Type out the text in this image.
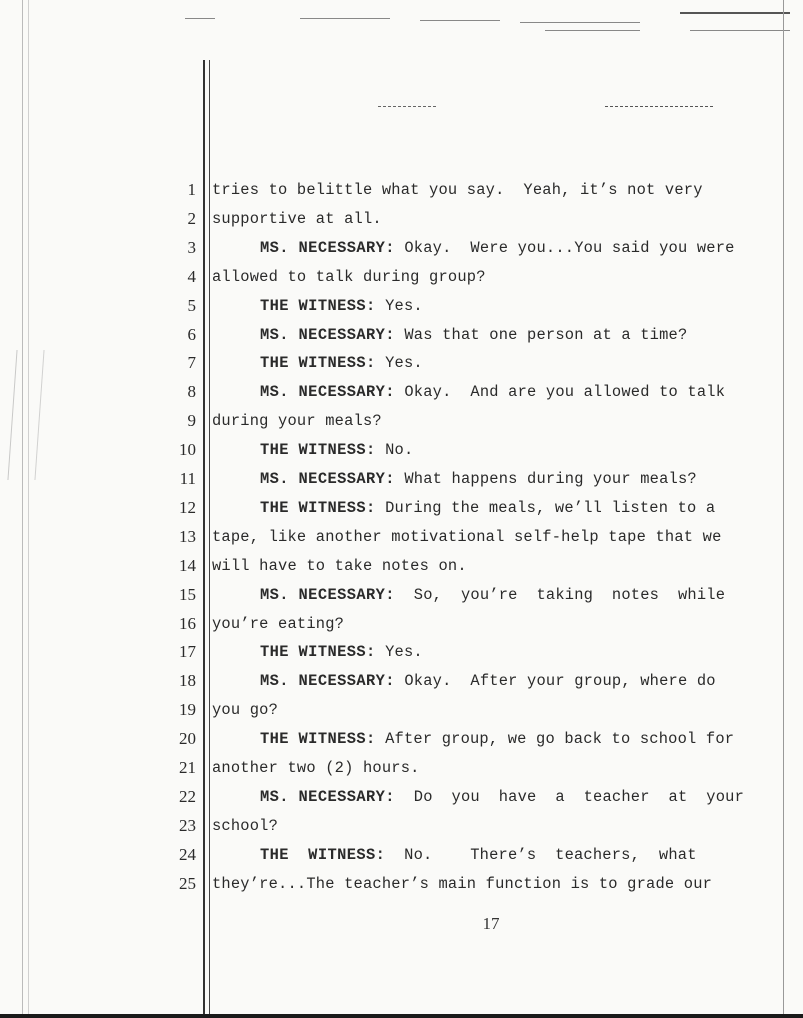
1 tries to belittle what you say.  Yeah, it’s not very
2 supportive at all.
3	MS. NECESSARY: Okay.  Were you...You said you were
4 allowed to talk during group?
5	THE WITNESS: Yes.
6	MS. NECESSARY: Was that one person at a time?
7	THE WITNESS: Yes.
8	MS. NECESSARY: Okay.  And are you allowed to talk
9 during your meals?
10	THE WITNESS: No.
11	MS. NECESSARY: What happens during your meals?
12	THE WITNESS: During the meals, we’ll listen to a
13 tape, like another motivational self-help tape that we
14 will have to take notes on.
15	MS. NECESSARY:  So,  you’re  taking  notes  while
16 you’re eating?
17	THE WITNESS: Yes.
18	MS. NECESSARY: Okay.  After your group, where do
19 you go?
20	THE WITNESS: After group, we go back to school for
21 another two (2) hours.
22	MS. NECESSARY:  Do  you  have  a  teacher  at  your
23 school?
24	THE  WITNESS:  No.    There’s  teachers,  what
25 they’re...The teacher’s main function is to grade our
17
